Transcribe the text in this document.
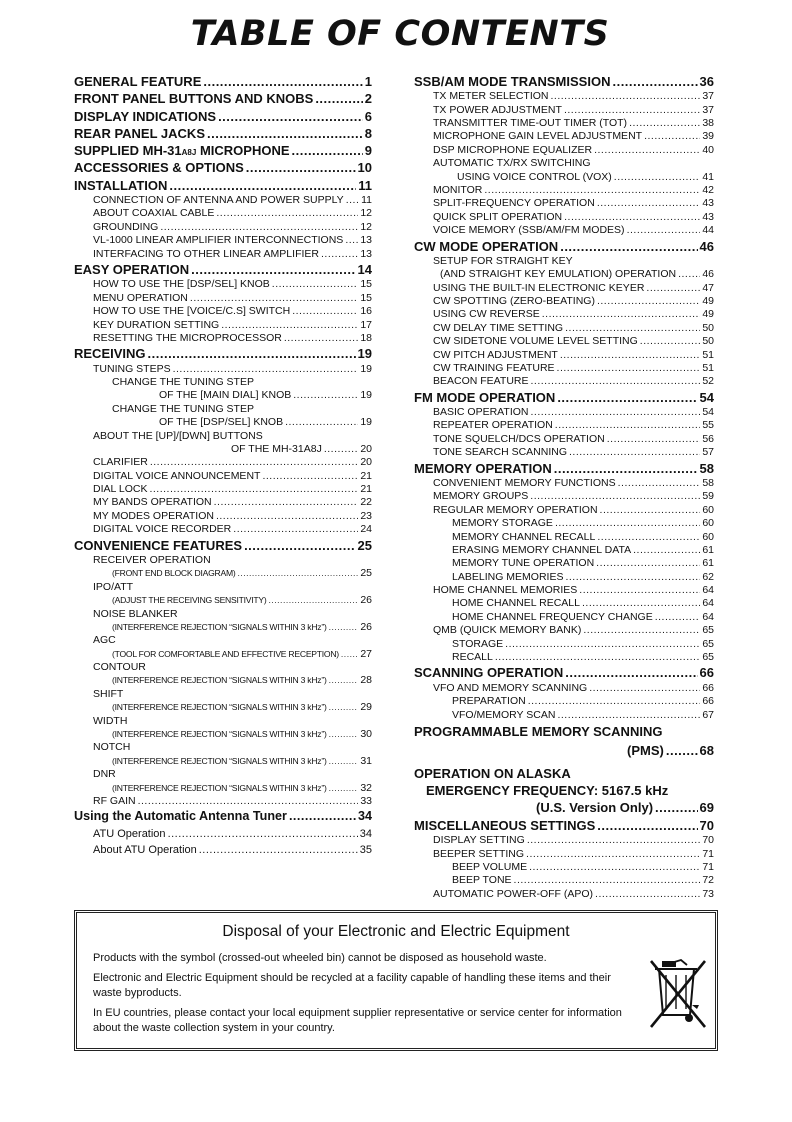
TABLE OF CONTENTS
GENERAL FEATURE .....	1
FRONT PANEL BUTTONS AND KNOBS .....	2
DISPLAY INDICATIONS .....	6
REAR PANEL JACKS .....	8
SUPPLIED MH-31A8J MICROPHONE .....	9
ACCESSORIES & OPTIONS .....	10
INSTALLATION .....	11
CONNECTION OF ANTENNA AND POWER SUPPLY ..... 11
ABOUT COAXIAL CABLE .....	12
GROUNDING .....	12
VL-1000 LINEAR AMPLIFIER INTERCONNECTIONS ..... 13
INTERFACING TO OTHER LINEAR AMPLIFIER .....	13
EASY OPERATION .....	14
HOW TO USE THE [DSP/SEL] KNOB .....	15
MENU OPERATION .....	15
HOW TO USE THE [VOICE/C.S] SWITCH .....	16
KEY DURATION SETTING .....	17
RESETTING THE MICROPROCESSOR .....	18
RECEIVING .....	19
TUNING STEPS .....	19
CHANGE THE TUNING STEP
OF THE [MAIN DIAL] KNOB .....	19
CHANGE THE TUNING STEP
OF THE [DSP/SEL] KNOB .....	19
ABOUT THE [UP]/[DWN] BUTTONS
OF THE MH-31A8J .....	20
CLARIFIER .....	20
DIGITAL VOICE ANNOUNCEMENT .....	21
DIAL LOCK .....	21
MY BANDS OPERATION .....	22
MY MODES OPERATION .....	23
DIGITAL VOICE RECORDER .....	24
CONVENIENCE FEATURES .....	25
RECEIVER OPERATION
(FRONT END BLOCK DIAGRAM) .....	25
IPO/ATT
(ADJUST THE RECEIVING SENSITIVITY) .....	26
NOISE BLANKER
(INTERFERENCE REJECTION “SIGNALS WITHIN 3 kHz”) .....	26
AGC
(TOOL FOR COMFORTABLE AND EFFECTIVE RECEPTION) ..... 27
CONTOUR
(INTERFERENCE REJECTION “SIGNALS WITHIN 3 kHz”) .....	28
SHIFT
(INTERFERENCE REJECTION “SIGNALS WITHIN 3 kHz”) .....	29
WIDTH
(INTERFERENCE REJECTION “SIGNALS WITHIN 3 kHz”) .....	30
NOTCH
(INTERFERENCE REJECTION “SIGNALS WITHIN 3 kHz”) .....	31
DNR
(INTERFERENCE REJECTION “SIGNALS WITHIN 3 kHz”) .....	32
RF GAIN .....	33
Using the Automatic Antenna Tuner .....	34
ATU Operation .....	34
About ATU Operation .....	35
SSB/AM MODE TRANSMISSION .....	36
TX METER SELECTION .....	37
TX POWER ADJUSTMENT .....	37
TRANSMITTER TIME-OUT TIMER (TOT) .....	38
MICROPHONE GAIN LEVEL ADJUSTMENT .....	39
DSP MICROPHONE EQUALIZER .....	40
AUTOMATIC TX/RX SWITCHING
USING VOICE CONTROL (VOX) .....	41
MONITOR .....	42
SPLIT-FREQUENCY OPERATION .....	43
QUICK SPLIT OPERATION .....	43
VOICE MEMORY (SSB/AM/FM MODES) .....	44
CW MODE OPERATION .....	46
SETUP FOR STRAIGHT KEY
(AND STRAIGHT KEY EMULATION) OPERATION ..... 46
USING THE BUILT-IN ELECTRONIC KEYER .....	47
CW SPOTTING (ZERO-BEATING) .....	49
USING CW REVERSE .....	49
CW DELAY TIME SETTING .....	50
CW SIDETONE VOLUME LEVEL SETTING .....	50
CW PITCH ADJUSTMENT .....	51
CW TRAINING FEATURE .....	51
BEACON FEATURE .....	52
FM MODE OPERATION .....	54
BASIC OPERATION .....	54
REPEATER OPERATION .....	55
TONE SQUELCH/DCS OPERATION .....	56
TONE SEARCH SCANNING .....	57
MEMORY OPERATION .....	58
CONVENIENT MEMORY FUNCTIONS .....	58
MEMORY GROUPS .....	59
REGULAR MEMORY OPERATION .....	60
MEMORY STORAGE .....	60
MEMORY CHANNEL RECALL .....	60
ERASING MEMORY CHANNEL DATA .....	61
MEMORY TUNE OPERATION .....	61
LABELING MEMORIES .....	62
HOME CHANNEL MEMORIES .....	64
HOME CHANNEL RECALL .....	64
HOME CHANNEL FREQUENCY CHANGE .....	64
QMB (QUICK MEMORY BANK) .....	65
STORAGE .....	65
RECALL .....	65
SCANNING OPERATION .....	66
VFO AND MEMORY SCANNING .....	66
PREPARATION .....	66
VFO/MEMORY SCAN .....	67
PROGRAMMABLE MEMORY SCANNING
(PMS) .....	68
OPERATION ON ALASKA
EMERGENCY FREQUENCY: 5167.5 kHz
(U.S. Version Only) .....	69
MISCELLANEOUS SETTINGS .....	70
DISPLAY SETTING .....	70
BEEPER SETTING .....	71
BEEP VOLUME .....	71
BEEP TONE .....	72
AUTOMATIC POWER-OFF (APO) .....	73
Disposal of your Electronic and Electric Equipment

Products with the symbol (crossed-out wheeled bin) cannot be disposed as household waste.

Electronic and Electric Equipment should be recycled at a facility capable of handling these items and their waste byproducts.

In EU countries, please contact your local equipment supplier representative or service center for information about the waste collection system in your country.
